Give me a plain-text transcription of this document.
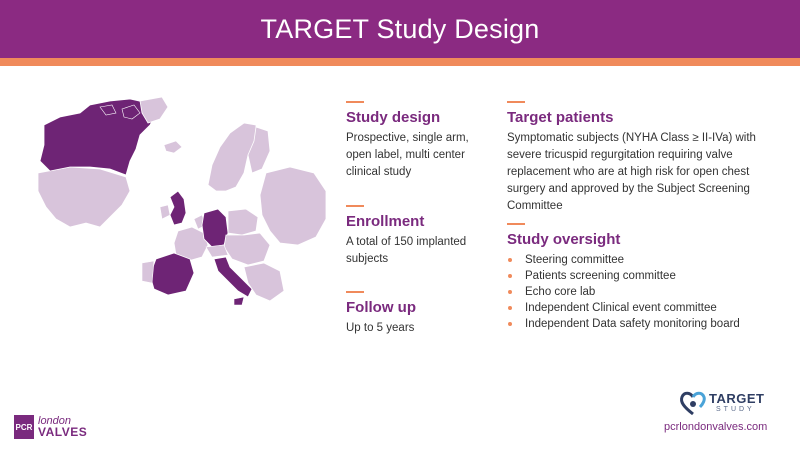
TARGET Study Design
Study design
Prospective, single arm, open label, multi center clinical study
Enrollment
A total of 150 implanted subjects
Follow up
Up to 5 years
Target patients
Symptomatic subjects (NYHA Class ≥ II-IVa) with severe tricuspid regurgitation requiring valve replacement who are at high risk for open chest surgery and approved by the Subject Screening Committee
Study oversight
Steering committee
Patients screening committee
Echo core lab
Independent Clinical event committee
Independent Data safety monitoring board
PCR london
VALVES
TARGET
STUDY
pcrlondonvalves.com
